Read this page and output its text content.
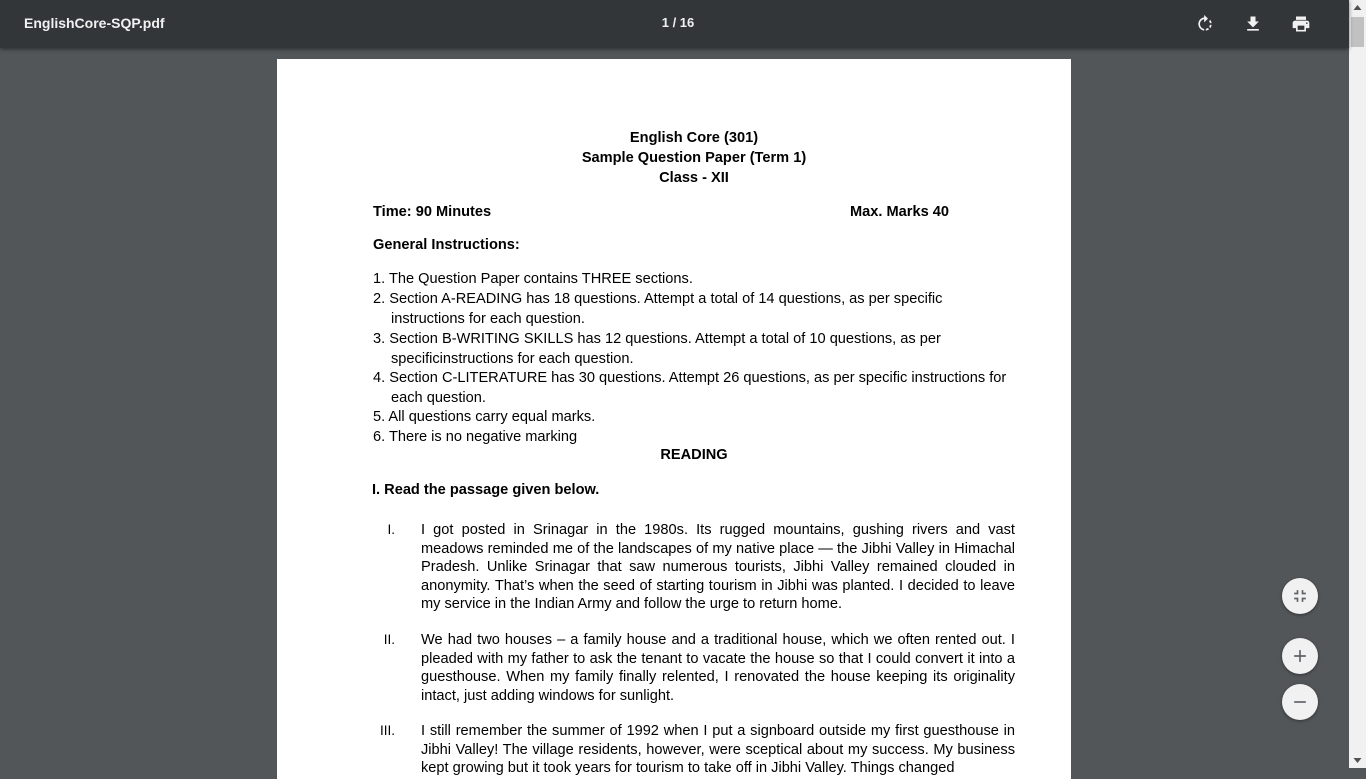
EnglishCore-SQP.pdf	1 / 16
English Core (301)
Sample Question Paper (Term 1)
Class - XII
Time: 90 Minutes	Max. Marks 40
General Instructions:
1. The Question Paper contains THREE sections.
2. Section A-READING has 18 questions. Attempt a total of 14 questions, as per specific
instructions for each question.
3. Section B-WRITING SKILLS has 12 questions. Attempt a total of 10 questions, as per
specificinstructions for each question.
4. Section C-LITERATURE has 30 questions. Attempt 26 questions, as per specific instructions for
each question.
5. All questions carry equal marks.
6. There is no negative marking
READING
I. Read the passage given below.
I. I got posted in Srinagar in the 1980s. Its rugged mountains, gushing rivers and vast meadows reminded me of the landscapes of my native place — the Jibhi Valley in Himachal Pradesh. Unlike Srinagar that saw numerous tourists, Jibhi Valley remained clouded in anonymity. That’s when the seed of starting tourism in Jibhi was planted. I decided to leave my service in the Indian Army and follow the urge to return home.
II. We had two houses – a family house and a traditional house, which we often rented out. I pleaded with my father to ask the tenant to vacate the house so that I could convert it into a guesthouse. When my family finally relented, I renovated the house keeping its originality intact, just adding windows for sunlight.
III. I still remember the summer of 1992 when I put a signboard outside my first guesthouse in Jibhi Valley! The village residents, however, were sceptical about my success. My business kept growing but it took years for tourism to take off in Jibhi Valley. Things changed
